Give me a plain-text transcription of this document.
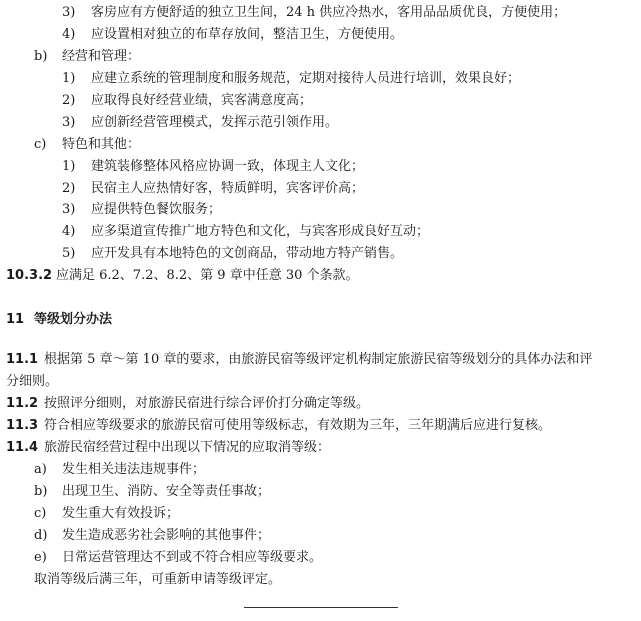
3) 客房应有方便舒适的独立卫生间，24 h 供应冷热水，客用品品质优良，方便使用；
4) 应设置相对独立的布草存放间，整洁卫生，方便使用。
b) 经营和管理：
1) 应建立系统的管理制度和服务规范，定期对接待人员进行培训，效果良好；
2) 应取得良好经营业绩，宾客满意度高；
3) 应创新经营管理模式，发挥示范引领作用。
c) 特色和其他：
1) 建筑装修整体风格应协调一致，体现主人文化；
2) 民宿主人应热情好客，特质鲜明，宾客评价高；
3) 应提供特色餐饮服务；
4) 应多渠道宣传推广地方特色和文化，与宾客形成良好互动；
5) 应开发具有本地特色的文创商品，带动地方特产销售。
10.3.2 应满足 6.2、7.2、8.2、第 9 章中任意 30 个条款。
11 等级划分办法
11.1 根据第 5 章～第 10 章的要求，由旅游民宿等级评定机构制定旅游民宿等级划分的具体办法和评
分细则。
11.2 按照评分细则，对旅游民宿进行综合评价打分确定等级。
11.3 符合相应等级要求的旅游民宿可使用等级标志，有效期为三年，三年期满后应进行复核。
11.4 旅游民宿经营过程中出现以下情况的应取消等级：
a) 发生相关违法违规事件；
b) 出现卫生、消防、安全等责任事故；
c) 发生重大有效投诉；
d) 发生造成恶劣社会影响的其他事件；
e) 日常运营管理达不到或不符合相应等级要求。
取消等级后满三年，可重新申请等级评定。
